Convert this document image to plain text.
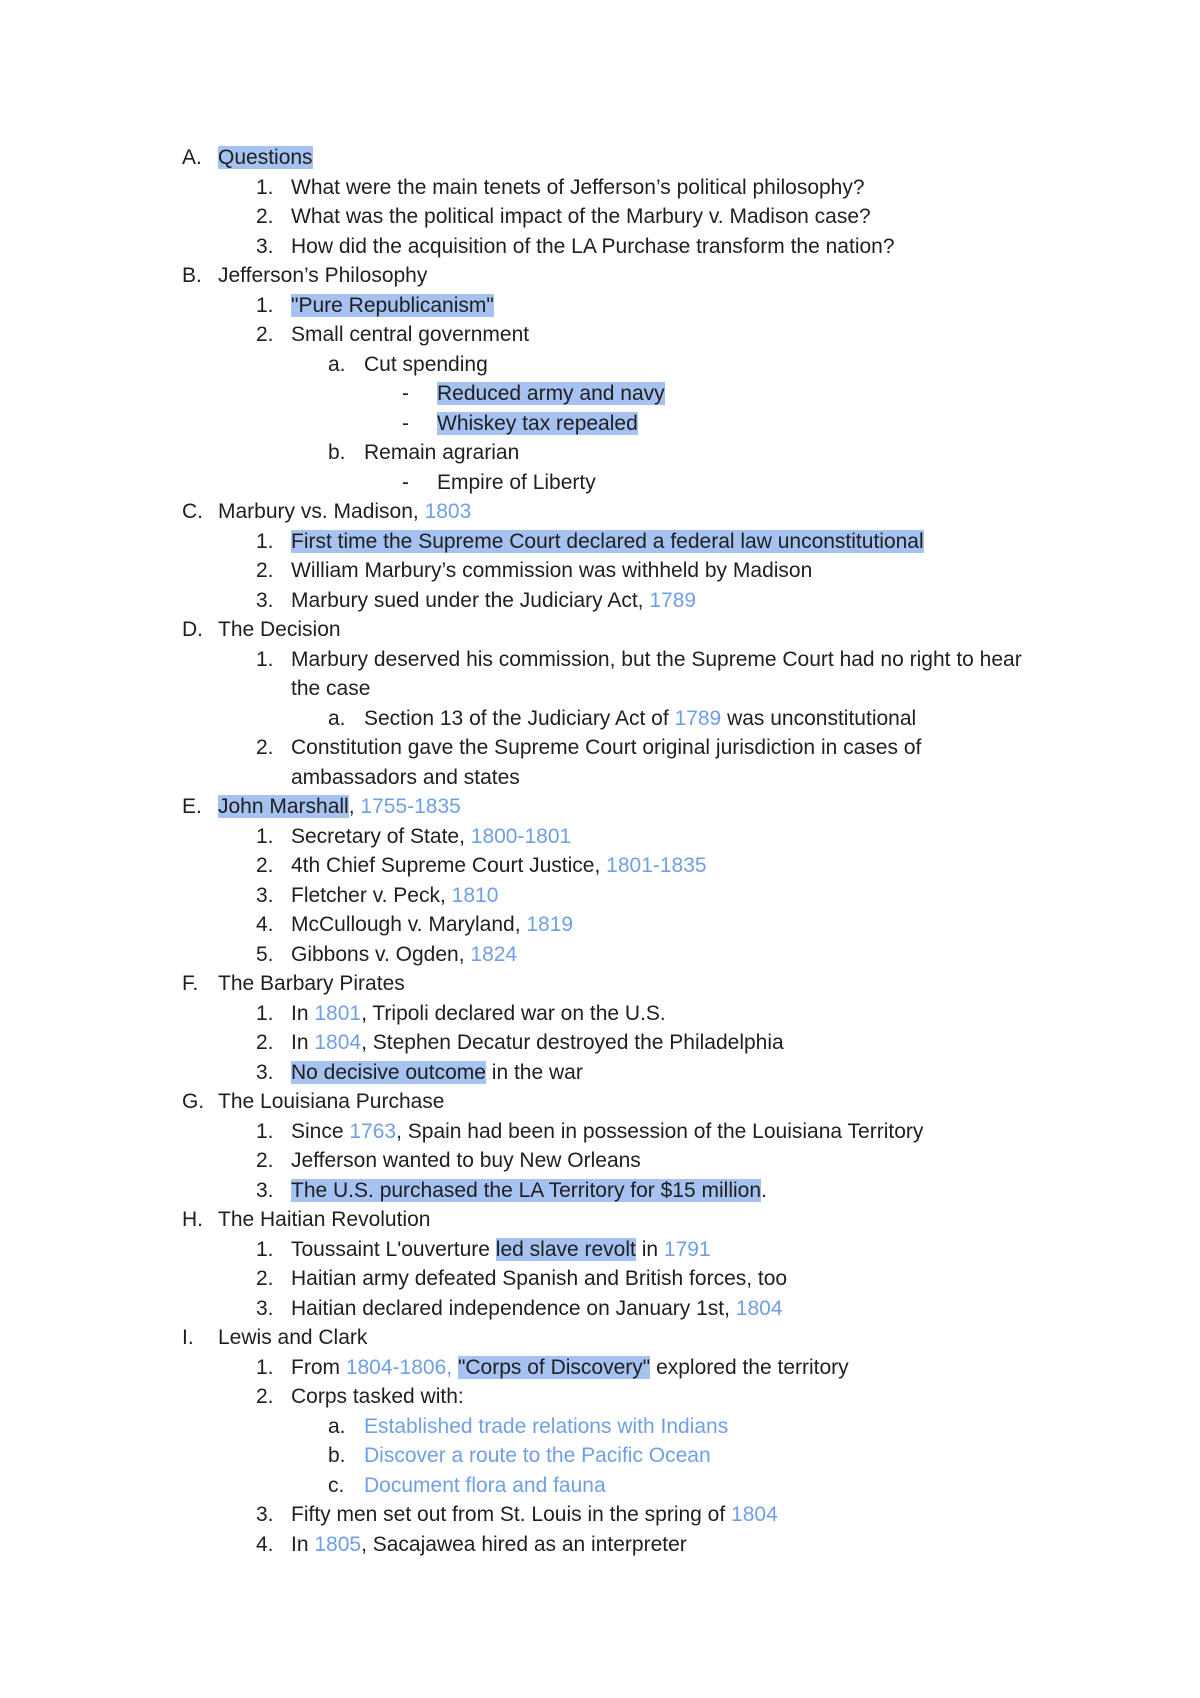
A. Questions
1. What were the main tenets of Jefferson’s political philosophy?
2. What was the political impact of the Marbury v. Madison case?
3. How did the acquisition of the LA Purchase transform the nation?
B. Jefferson’s Philosophy
1. "Pure Republicanism"
2. Small central government
a. Cut spending
- Reduced army and navy
- Whiskey tax repealed
b. Remain agrarian
- Empire of Liberty
C. Marbury vs. Madison, 1803
1. First time the Supreme Court declared a federal law unconstitutional
2. William Marbury’s commission was withheld by Madison
3. Marbury sued under the Judiciary Act, 1789
D. The Decision
1. Marbury deserved his commission, but the Supreme Court had no right to hear the case
a. Section 13 of the Judiciary Act of 1789 was unconstitutional
2. Constitution gave the Supreme Court original jurisdiction in cases of ambassadors and states
E. John Marshall, 1755-1835
1. Secretary of State, 1800-1801
2. 4th Chief Supreme Court Justice, 1801-1835
3. Fletcher v. Peck, 1810
4. McCullough v. Maryland, 1819
5. Gibbons v. Ogden, 1824
F. The Barbary Pirates
1. In 1801, Tripoli declared war on the U.S.
2. In 1804, Stephen Decatur destroyed the Philadelphia
3. No decisive outcome in the war
G. The Louisiana Purchase
1. Since 1763, Spain had been in possession of the Louisiana Territory
2. Jefferson wanted to buy New Orleans
3. The U.S. purchased the LA Territory for $15 million.
H. The Haitian Revolution
1. Toussaint L'ouverture led slave revolt in 1791
2. Haitian army defeated Spanish and British forces, too
3. Haitian declared independence on January 1st, 1804
I. Lewis and Clark
1. From 1804-1806, "Corps of Discovery" explored the territory
2. Corps tasked with:
a. Established trade relations with Indians
b. Discover a route to the Pacific Ocean
c. Document flora and fauna
3. Fifty men set out from St. Louis in the spring of 1804
4. In 1805, Sacajawea hired as an interpreter
